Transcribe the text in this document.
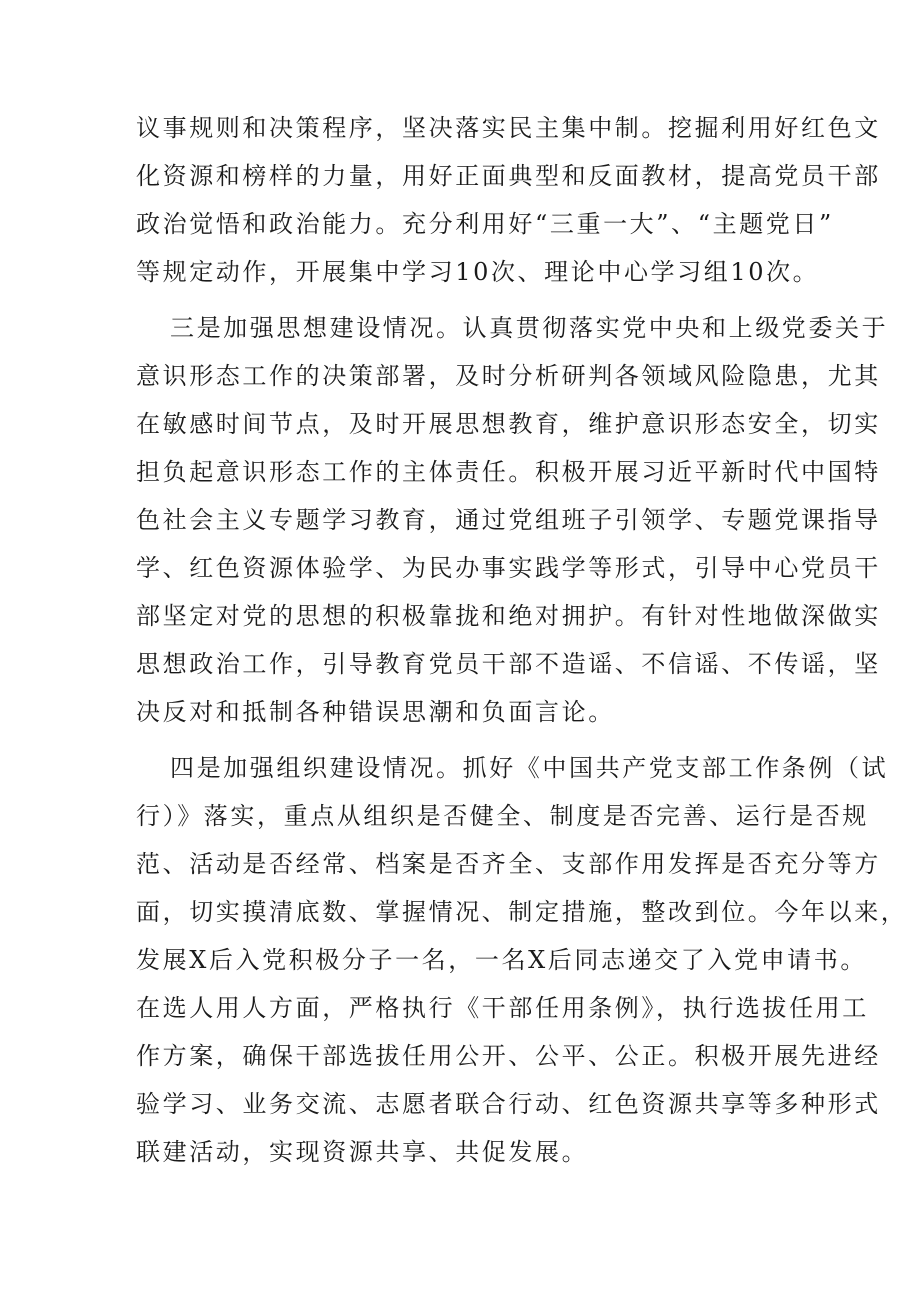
议事规则和决策程序，坚决落实民主集中制。挖掘利用好红色文
化资源和榜样的力量，用好正面典型和反面教材，提高党员干部
政治觉悟和政治能力。充分利用好“三重一大”、“主题党日”
等规定动作，开展集中学习10次、理论中心学习组10次。
三是加强思想建设情况。认真贯彻落实党中央和上级党委关于
意识形态工作的决策部署，及时分析研判各领域风险隐患，尤其
在敏感时间节点，及时开展思想教育，维护意识形态安全，切实
担负起意识形态工作的主体责任。积极开展习近平新时代中国特
色社会主义专题学习教育，通过党组班子引领学、专题党课指导
学、红色资源体验学、为民办事实践学等形式，引导中心党员干
部坚定对党的思想的积极靠拢和绝对拥护。有针对性地做深做实
思想政治工作，引导教育党员干部不造谣、不信谣、不传谣，坚
决反对和抵制各种错误思潮和负面言论。
四是加强组织建设情况。抓好《中国共产党支部工作条例（试
行）》落实，重点从组织是否健全、制度是否完善、运行是否规
范、活动是否经常、档案是否齐全、支部作用发挥是否充分等方
面，切实摸清底数、掌握情况、制定措施，整改到位。今年以来，
发展X后入党积极分子一名，一名X后同志递交了入党申请书。
在选人用人方面，严格执行《干部任用条例》，执行选拔任用工
作方案，确保干部选拔任用公开、公平、公正。积极开展先进经
验学习、业务交流、志愿者联合行动、红色资源共享等多种形式
联建活动，实现资源共享、共促发展。
